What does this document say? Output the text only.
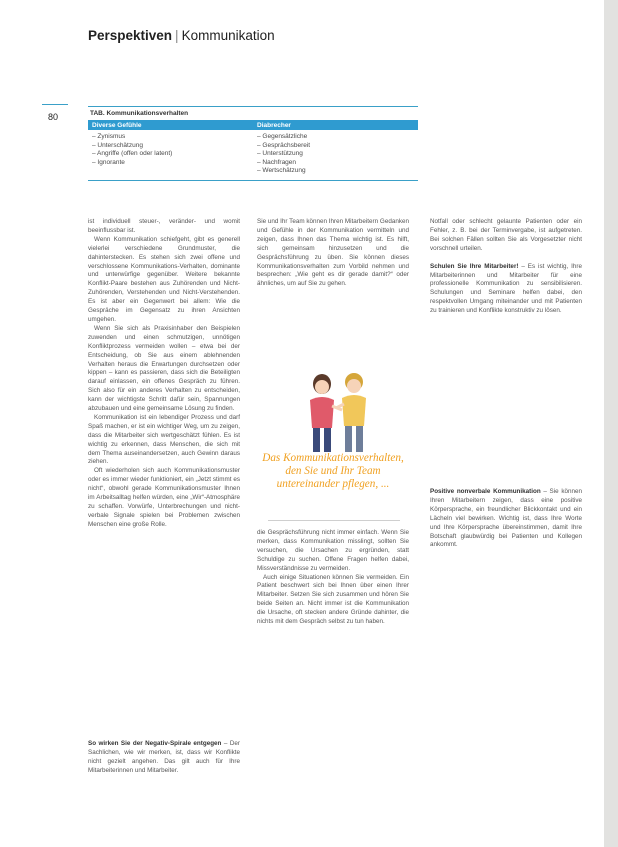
Perspektiven | Kommunikation
80	TAB. Kommunikationsverhalten
Diverse Gefühle	Diabrecher
– Zynismus
– Unterschätzung
– Angriffe (offen oder latent)
– Ignorante
– Gegensätzliche
– Gesprächsbereit
– Unterstützung
– Nachfragen
– Wertschätzung

ist individuell steuer-, veränder- und womit beeinflussbar ist.

Wenn Kommunikation schiefgeht, gibt es generell vielerlei verschiedene Grundmuster, die dahinterstecken. Es stehen sich zwei offene und verschlossene Kommunikations-Verhalten, dominante und unterwürfige gegenüber. Weitere bekannte Konflikt-Paare bestehen aus Zuhörenden und Nicht-Zuhörenden, Verstehenden und Nicht-Verstehenden. Es ist aber ein Gegenwert bei allem: Wie die Gespräche im Gegensatz zu ihren Ansichten umgehen.

Wenn Sie sich als Praxisinhaber den Beispielen zuwenden und einen schmutzigen, unnötigen Konfliktprozess vermeiden wollen – etwa bei der Entscheidung, ob Sie aus einem ablehnenden Verhalten heraus die Erwartungen durchsetzen oder kippen – kann es passieren, dass sich die Beteiligten darauf einlassen, ein offenes Gespräch zu führen. Sich also für ein anderes Verhalten zu entscheiden, kann der wichtigste Schritt dafür sein, Spannungen abzubauen und eine gemeinsame Lösung zu finden.

Kommunikation ist ein lebendiger Prozess und darf Spaß machen, er ist ein wichtiger Weg, um zu zeigen, dass die Mitarbeiter sich wertgeschätzt fühlen. Es ist wichtig zu erkennen, dass Menschen, die sich mit dem Thema auseinandersetzen, auch Gewinn daraus ziehen.

Oft wiederholen sich auch Kommunikationsmuster oder es immer wieder funktioniert, ein „Jetzt stimmt es nicht“, obwohl gerade Kommunikationsmuster Ihnen im Arbeitsalltag helfen würden, eine „Wir“-Atmosphäre zu schaffen. Vorwürfe, Unterbrechungen und nicht-verbale Signale spielen bei Problemen zwischen Menschen eine große Rolle.

So wirken Sie der Negativ-Spirale entgegen – Der Sachlichen, wie wir merken, ist, dass wir Konflikte nicht gezielt angehen. Das gilt auch für Ihre Mitarbeiterinnen und Mitarbeiter.

Sie und Ihr Team können Ihren Mitarbeitern Gedanken und Gefühle in der Kommunikation vermitteln und zeigen, dass Ihnen das Thema wichtig ist. Es hilft, sich gemeinsam hinzusetzen und die Gesprächsführung zu üben. Sie können dieses Kommunikationsverhalten zum Vorbild nehmen und besprechen: „Wie geht es dir gerade damit?“ oder ähnliches, um auf Sie zu gehen.

Das Kommunikationsverhalten, den Sie und Ihr Team untereinander pflegen, ...

die Gesprächsführung nicht immer einfach. Wenn Sie merken, dass Kommunikation misslingt, sollten Sie versuchen, die Ursachen zu ergründen, statt Schuldige zu suchen. Offene Fragen helfen dabei, Missverständnisse zu vermeiden.

Auch einige Situationen können Sie vermeiden. Ein Patient beschwert sich bei Ihnen über einen Ihrer Mitarbeiter. Setzen Sie sich zusammen und hören Sie beide Seiten an. Nicht immer ist die Kommunikation die Ursache, oft stecken andere Gründe dahinter, die nichts mit dem Gespräch selbst zu tun haben.

Notfall oder schlecht gelaunte Patienten oder ein Fehler, z. B. bei der Terminvergabe, ist aufgetreten. Bei solchen Fällen sollten Sie als Vorgesetzter nicht vorschnell urteilen.

Schulen Sie Ihre Mitarbeiter! – Es ist wichtig, Ihre Mitarbeiterinnen und Mitarbeiter für eine professionelle Kommunikation zu sensibilisieren. Schulungen und Seminare helfen dabei, den respektvollen Umgang miteinander und mit Patienten zu trainieren und Konflikte konstruktiv zu lösen.

Positive nonverbale Kommunikation – Sie können Ihren Mitarbeitern zeigen, dass eine positive Körpersprache, ein freundlicher Blickkontakt und ein Lächeln viel bewirken. Wichtig ist, dass Ihre Worte und Ihre Körpersprache übereinstimmen, damit Ihre Botschaft glaubwürdig bei Patienten und Kollegen ankommt.
